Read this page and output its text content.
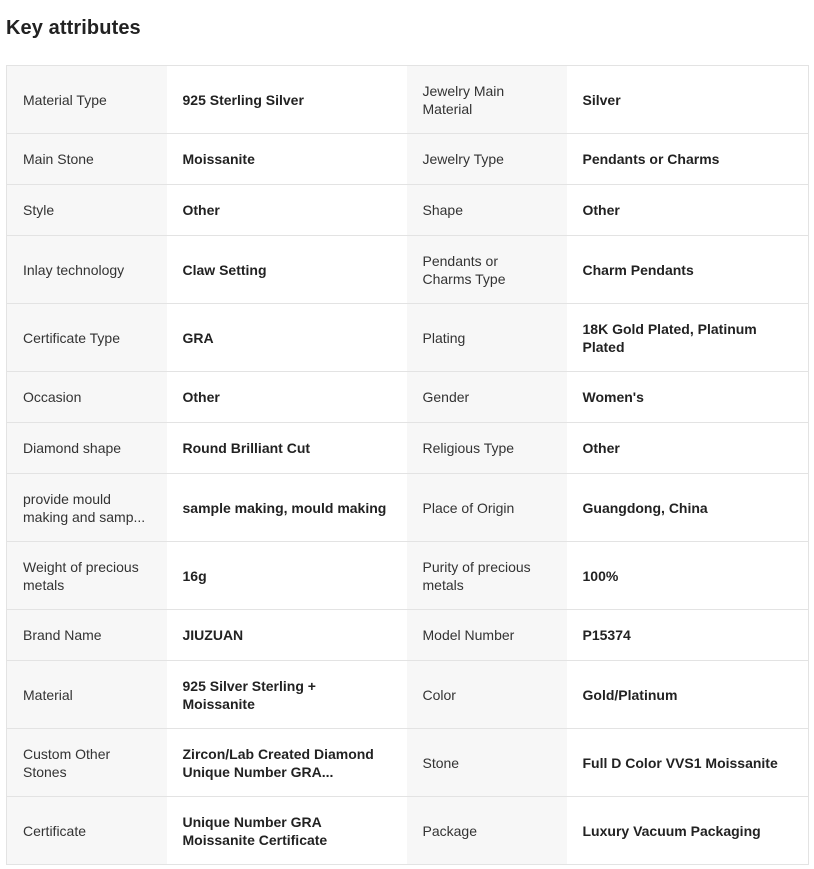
Key attributes
Material Type	925 Sterling Silver	Jewelry Main Material	Silver
Main Stone	Moissanite	Jewelry Type	Pendants or Charms
Style	Other	Shape	Other
Inlay technology	Claw Setting	Pendants or Charms Type	Charm Pendants
Certificate Type	GRA	Plating	18K Gold Plated, Platinum Plated
Occasion	Other	Gender	Women's
Diamond shape	Round Brilliant Cut	Religious Type	Other
provide mould making and samp...	sample making, mould making	Place of Origin	Guangdong, China
Weight of precious metals	16g	Purity of precious metals	100%
Brand Name	JIUZUAN	Model Number	P15374
Material	925 Silver Sterling + Moissanite	Color	Gold/Platinum
Custom Other Stones	Zircon/Lab Created Diamond Unique Number GRA...	Stone	Full D Color VVS1 Moissanite
Certificate	Unique Number GRA Moissanite Certificate	Package	Luxury Vacuum Packaging
